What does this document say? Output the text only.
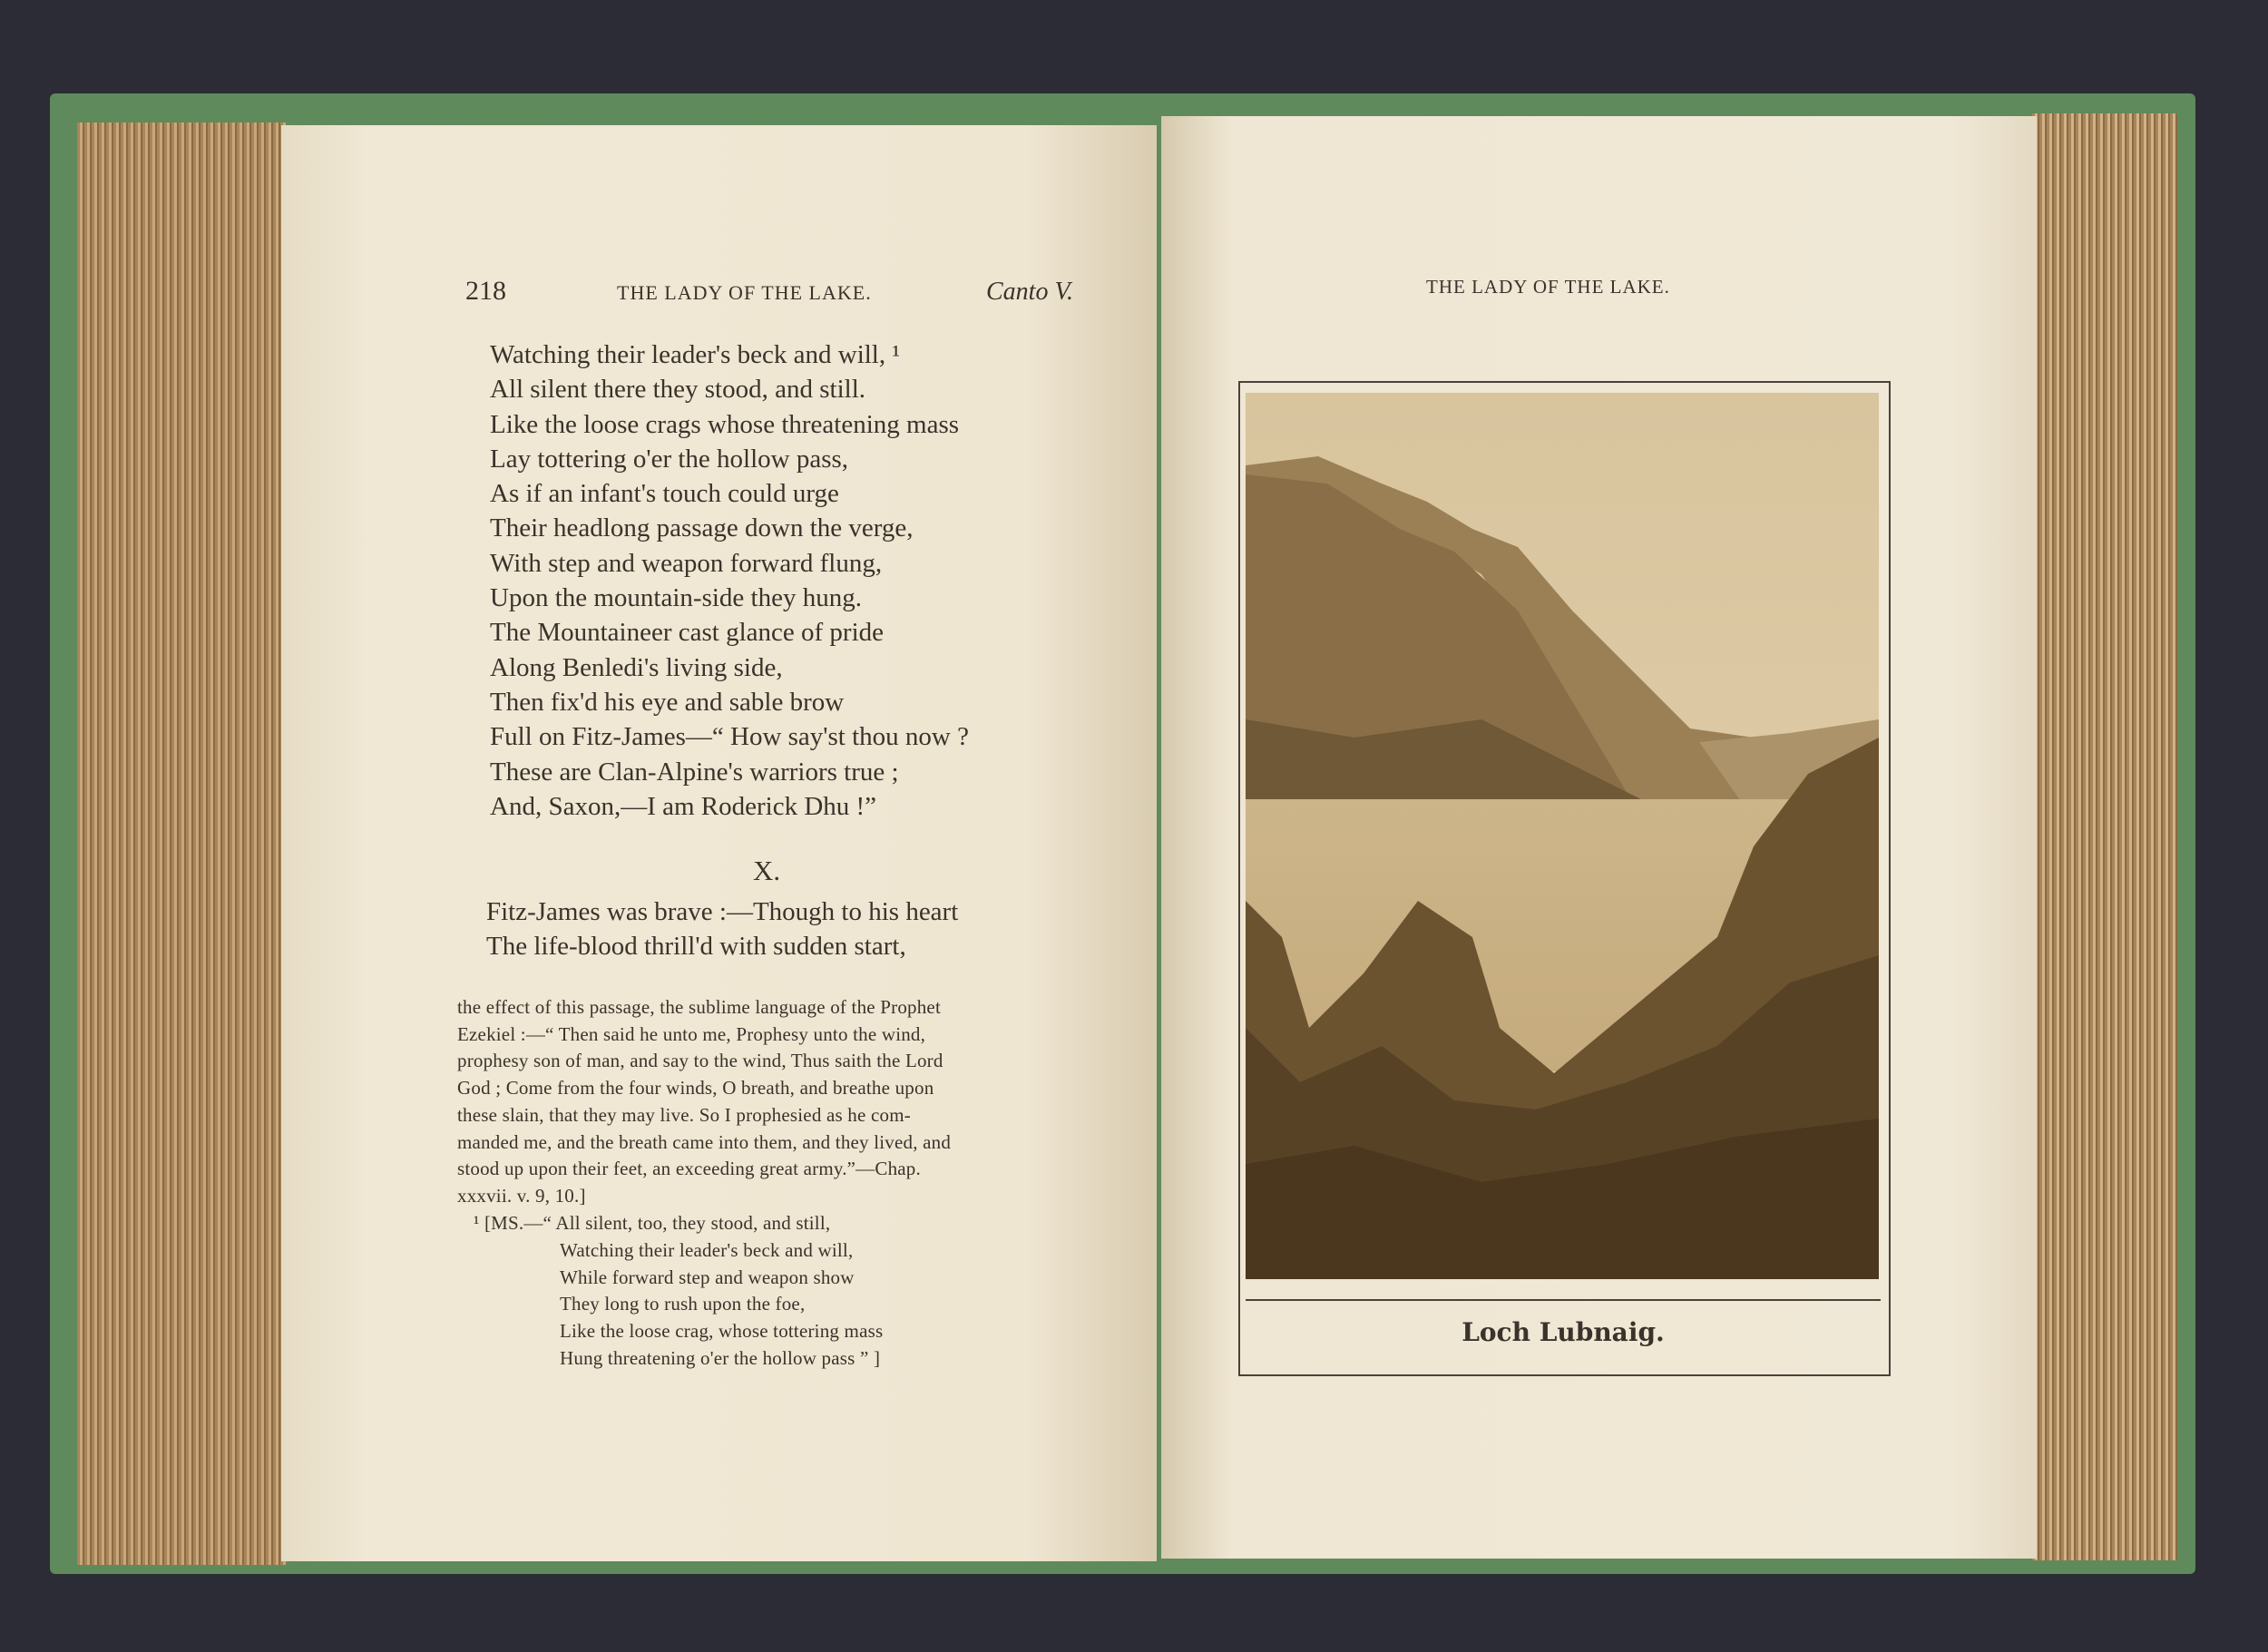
218	THE LADY OF THE LAKE.	Canto V.
Watching their leader's beck and will, ¹
All silent there they stood, and still.
Like the loose crags whose threatening mass
Lay tottering o'er the hollow pass,
As if an infant's touch could urge
Their headlong passage down the verge,
With step and weapon forward flung,
Upon the mountain-side they hung.
The Mountaineer cast glance of pride
Along Benledi's living side,
Then fix'd his eye and sable brow
Full on Fitz-James—“ How say'st thou now ?
These are Clan-Alpine's warriors true ;
And, Saxon,—I am Roderick Dhu !”
X.
Fitz-James was brave :—Though to his heart
The life-blood thrill'd with sudden start,
the effect of this passage, the sublime language of the Prophet
Ezekiel :—“ Then said he unto me, Prophesy unto the wind,
prophesy son of man, and say to the wind, Thus saith the Lord
God ; Come from the four winds, O breath, and breathe upon
these slain, that they may live. So I prophesied as he com-
manded me, and the breath came into them, and they lived, and
stood up upon their feet, an exceeding great army.”—Chap.
xxxvii. v. 9, 10.]
¹ [MS.—“ All silent, too, they stood, and still,
Watching their leader's beck and will,
While forward step and weapon show
They long to rush upon the foe,
Like the loose crag, whose tottering mass
Hung threatening o'er the hollow pass ” ]
THE LADY OF THE LAKE.
Loch Lubnaig.
